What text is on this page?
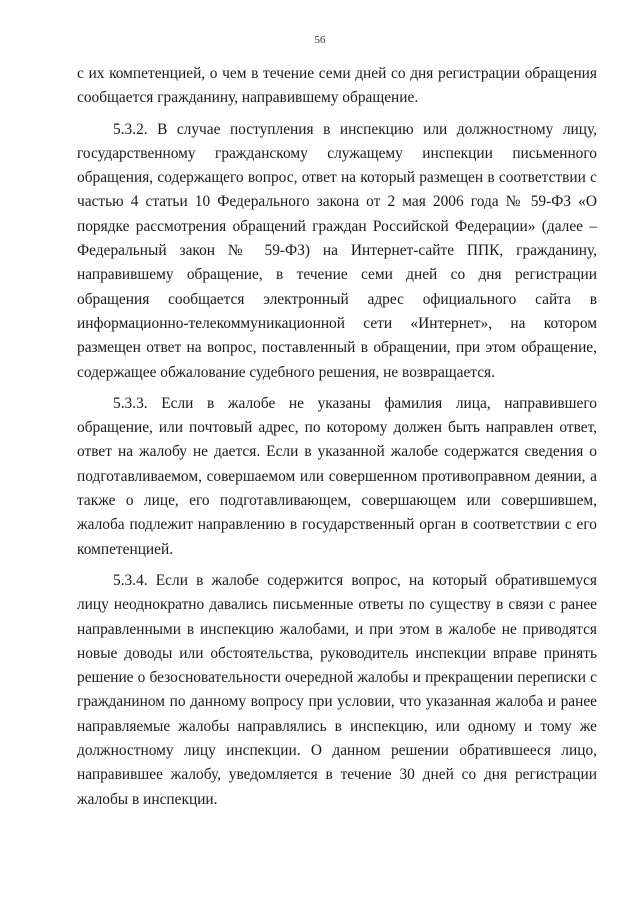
56

с их компетенцией, о чем в течение семи дней со дня регистрации обращения сообщается гражданину, направившему обращение.

5.3.2. В случае поступления в инспекцию или должностному лицу, государственному гражданскому служащему инспекции письменного обращения, содержащего вопрос, ответ на который размещен в соответствии с частью 4 статьи 10 Федерального закона от 2 мая 2006 года № 59-ФЗ «О порядке рассмотрения обращений граждан Российской Федерации» (далее – Федеральный закон № 59-ФЗ) на Интернет-сайте ППК, гражданину, направившему обращение, в течение семи дней со дня регистрации обращения сообщается электронный адрес официального сайта в информационно-телекоммуникационной сети «Интернет», на котором размещен ответ на вопрос, поставленный в обращении, при этом обращение, содержащее обжалование судебного решения, не возвращается.

5.3.3. Если в жалобе не указаны фамилия лица, направившего обращение, или почтовый адрес, по которому должен быть направлен ответ, ответ на жалобу не дается. Если в указанной жалобе содержатся сведения о подготавливаемом, совершаемом или совершенном противоправном деянии, а также о лице, его подготавливающем, совершающем или совершившем, жалоба подлежит направлению в государственный орган в соответствии с его компетенцией.

5.3.4. Если в жалобе содержится вопрос, на который обратившемуся лицу неоднократно давались письменные ответы по существу в связи с ранее направленными в инспекцию жалобами, и при этом в жалобе не приводятся новые доводы или обстоятельства, руководитель инспекции вправе принять решение о безосновательности очередной жалобы и прекращении переписки с гражданином по данному вопросу при условии, что указанная жалоба и ранее направляемые жалобы направлялись в инспекцию, или одному и тому же должностному лицу инспекции. О данном решении обратившееся лицо, направившее жалобу, уведомляется в течение 30 дней со дня регистрации жалобы в инспекции.
